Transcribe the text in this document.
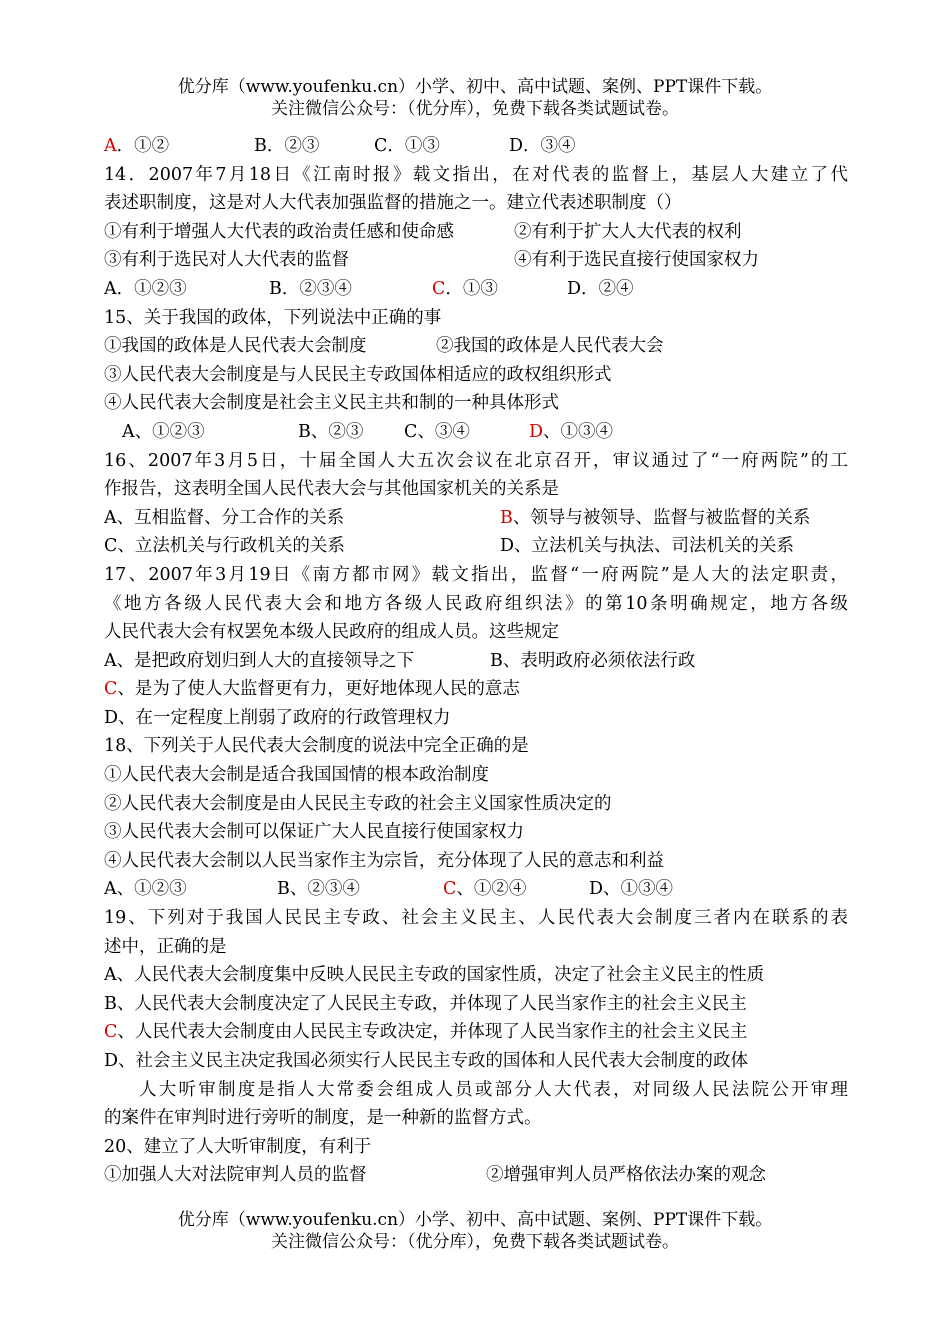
优分库（www.youfenku.cn）小学、初中、高中试题、案例、PPT课件下载。
关注微信公众号：（优分库），免费下载各类试题试卷。
A．①②	B．②③	C．①③	D．③④
14．2007年7月18日《江南时报》载文指出，在对代表的监督上，基层人大建立了代
表述职制度，这是对人大代表加强监督的措施之一。建立代表述职制度（）
①有利于增强人大代表的政治责任感和使命感	②有利于扩大人大代表的权利
③有利于选民对人大代表的监督	④有利于选民直接行使国家权力
A．①②③	B．②③④	C．①③	D．②④
15、关于我国的政体，下列说法中正确的事
①我国的政体是人民代表大会制度	②我国的政体是人民代表大会
③人民代表大会制度是与人民民主专政国体相适应的政权组织形式
④人民代表大会制度是社会主义民主共和制的一种具体形式
A、①②③	B、②③ C、③④	D、①③④
16、2007年3月5日，十届全国人大五次会议在北京召开，审议通过了“一府两院”的工
作报告，这表明全国人民代表大会与其他国家机关的关系是
A、互相监督、分工合作的关系	B、领导与被领导、监督与被监督的关系
C、立法机关与行政机关的关系	D、立法机关与执法、司法机关的关系
17、2007年3月19日《南方都市网》载文指出，监督“一府两院”是人大的法定职责，
《地方各级人民代表大会和地方各级人民政府组织法》的第10条明确规定，地方各级
人民代表大会有权罢免本级人民政府的组成人员。这些规定
A、是把政府划归到人大的直接领导之下	B、表明政府必须依法行政
C、是为了使人大监督更有力，更好地体现人民的意志
D、在一定程度上削弱了政府的行政管理权力
18、下列关于人民代表大会制度的说法中完全正确的是
①人民代表大会制是适合我国国情的根本政治制度
②人民代表大会制度是由人民民主专政的社会主义国家性质决定的
③人民代表大会制可以保证广大人民直接行使国家权力
④人民代表大会制以人民当家作主为宗旨，充分体现了人民的意志和利益
A、①②③	B、②③④	C、①②④	D、①③④
19、下列对于我国人民民主专政、社会主义民主、人民代表大会制度三者内在联系的表
述中，正确的是
A、人民代表大会制度集中反映人民民主专政的国家性质，决定了社会主义民主的性质
B、人民代表大会制度决定了人民民主专政，并体现了人民当家作主的社会主义民主
C、人民代表大会制度由人民民主专政决定，并体现了人民当家作主的社会主义民主
D、社会主义民主决定我国必须实行人民民主专政的国体和人民代表大会制度的政体
人大听审制度是指人大常委会组成人员或部分人大代表，对同级人民法院公开审理
的案件在审判时进行旁听的制度，是一种新的监督方式。
20、建立了人大听审制度，有利于
①加强人大对法院审判人员的监督	②增强审判人员严格依法办案的观念
优分库（www.youfenku.cn）小学、初中、高中试题、案例、PPT课件下载。
关注微信公众号：（优分库），免费下载各类试题试卷。
